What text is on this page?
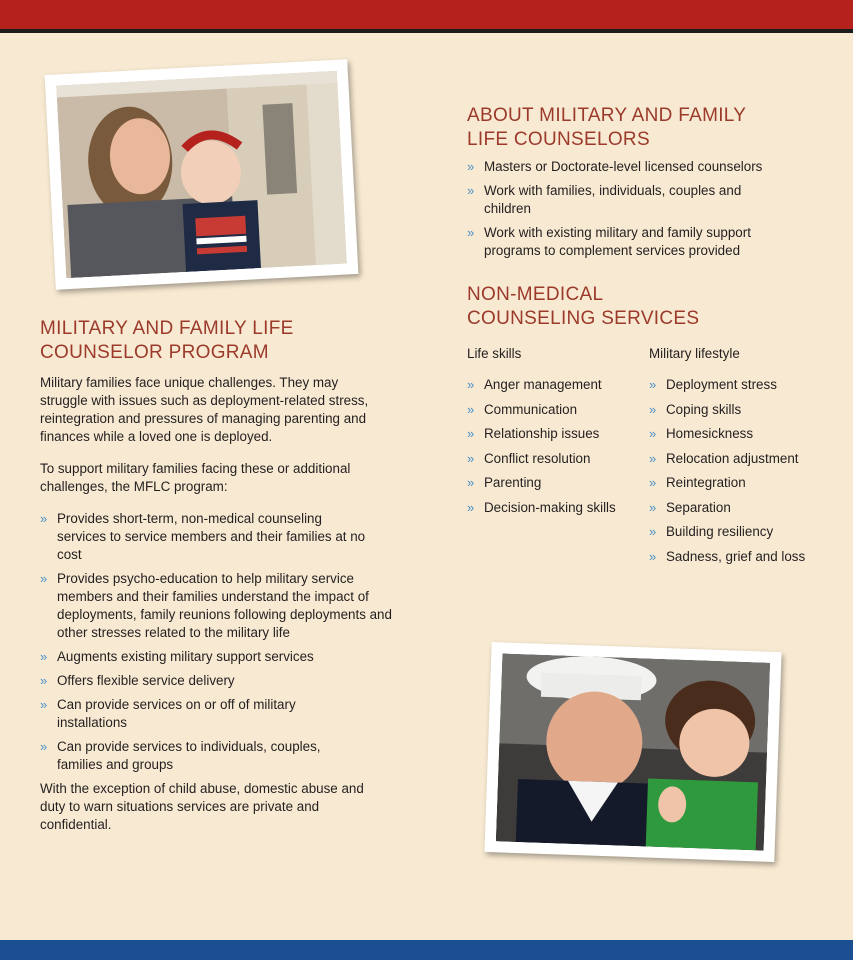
ABOUT MILITARY AND FAMILY
LIFE COUNSELORS
» Masters or Doctorate-level licensed counselors
» Work with families, individuals, couples and children
» Work with existing military and family support programs to complement services provided
NON-MEDICAL
COUNSELING SERVICES
Life skills
» Anger management
» Communication
» Relationship issues
» Conflict resolution
» Parenting
» Decision-making skills
Military lifestyle
» Deployment stress
» Coping skills
» Homesickness
» Relocation adjustment
» Reintegration
» Separation
» Building resiliency
» Sadness, grief and loss
MILITARY AND FAMILY LIFE
COUNSELOR PROGRAM

Military families face unique challenges. They may struggle with issues such as deployment-related stress, reintegration and pressures of managing parenting and finances while a loved one is deployed.

To support military families facing these or additional challenges, the MFLC program:

» Provides short-term, non-medical counseling services to service members and their families at no cost
» Provides psycho-education to help military service members and their families understand the impact of deployments, family reunions following deployments and other stresses related to the military life
» Augments existing military support services
» Offers flexible service delivery
» Can provide services on or off of military installations
» Can provide services to individuals, couples, families and groups

With the exception of child abuse, domestic abuse and duty to warn situations services are private and confidential.
